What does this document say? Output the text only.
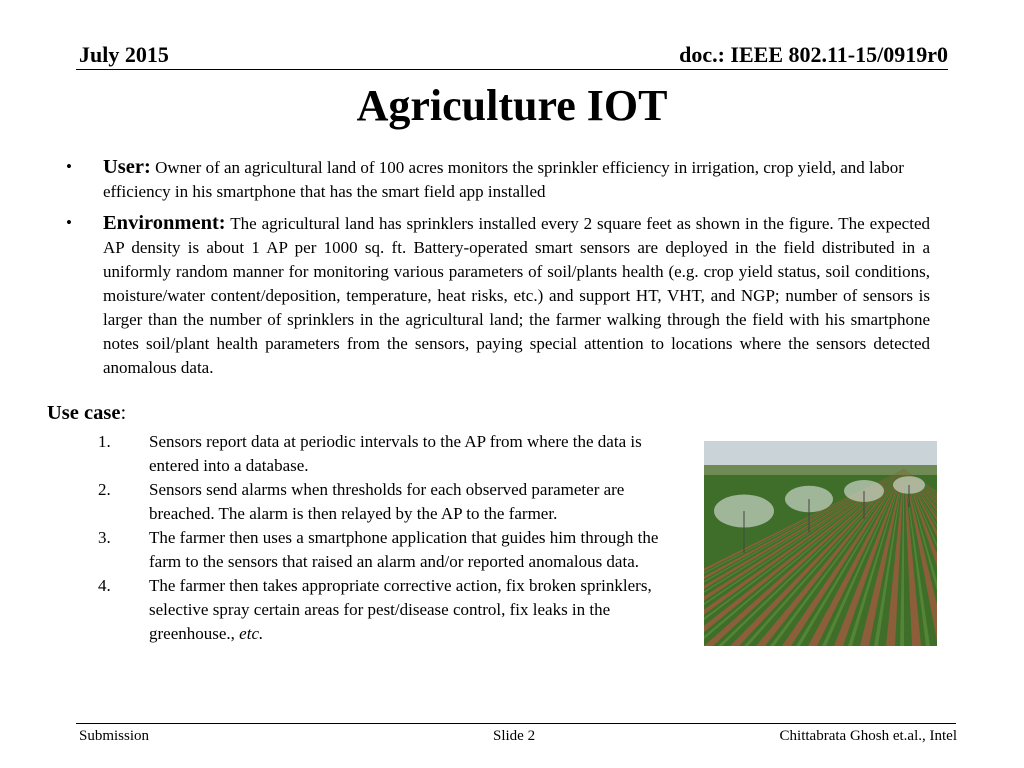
July 2015	doc.: IEEE 802.11-15/0919r0
Agriculture IOT
• User: Owner of an agricultural land of 100 acres monitors the sprinkler efficiency in irrigation, crop yield, and labor efficiency in his smartphone that has the smart field app installed
• Environment: The agricultural land has sprinklers installed every 2 square feet as shown in the figure. The expected AP density is about 1 AP per 1000 sq. ft. Battery-operated smart sensors are deployed in the field distributed in a uniformly random manner for monitoring various parameters of soil/plants health (e.g. crop yield status, soil conditions, moisture/water content/deposition, temperature, heat risks, etc.) and support HT, VHT, and NGP; number of sensors is larger than the number of sprinklers in the agricultural land; the farmer walking through the field with his smartphone notes soil/plant health parameters from the sensors, paying special attention to locations where the sensors detected anomalous data.
Use case:
1. Sensors report data at periodic intervals to the AP from where the data is entered into a database.
2. Sensors send alarms when thresholds for each observed parameter are breached. The alarm is then relayed by the AP to the farmer.
3. The farmer then uses a smartphone application that guides him through the farm to the sensors that raised an alarm and/or reported anomalous data.
4. The farmer then takes appropriate corrective action, fix broken sprinklers, selective spray certain areas for pest/disease control, fix leaks in the greenhouse., etc.
Submission	Slide 2	Chittabrata Ghosh et.al., Intel
